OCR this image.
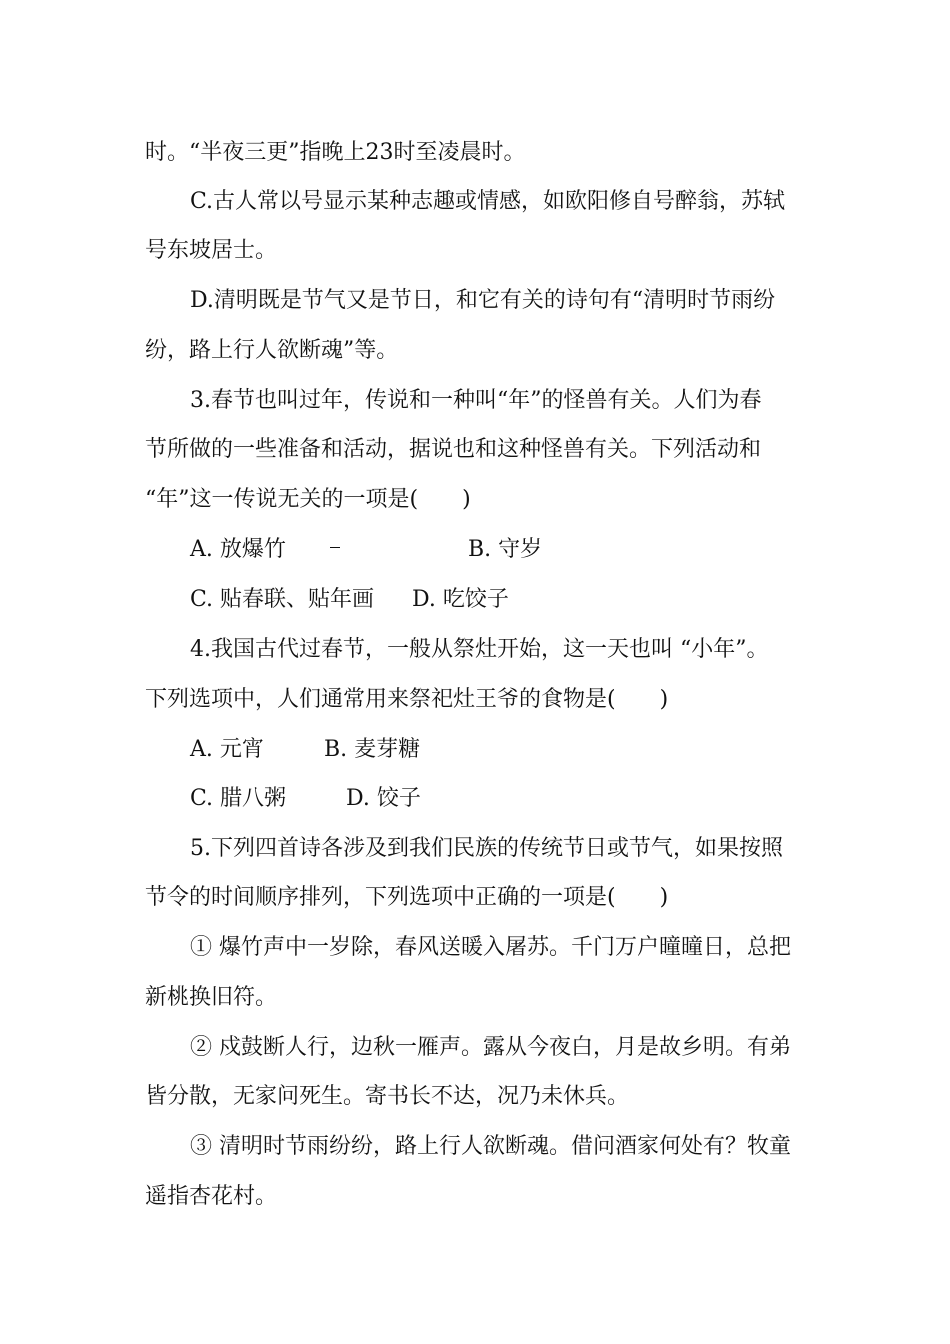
时。“半夜三更”指晚上23时至凌晨时。
C.古人常以号显示某种志趣或情感，如欧阳修自号醉翁，苏轼
号东坡居士。
D.清明既是节气又是节日，和它有关的诗句有“清明时节雨纷
纷，路上行人欲断魂”等。
3.春节也叫过年，传说和一种叫“年”的怪兽有关。人们为春
节所做的一些准备和活动，据说也和这种怪兽有关。下列活动和
“年”这一传说无关的一项是(　　)
A. 放爆竹	B. 守岁
C. 贴春联、贴年画 D. 吃饺子
4.我国古代过春节，一般从祭灶开始，这一天也叫 “小年”。
下列选项中，人们通常用来祭祀灶王爷的食物是(　　)
A. 元宵	B. 麦芽糖
C. 腊八粥	D. 饺子
5.下列四首诗各涉及到我们民族的传统节日或节气，如果按照
节令的时间顺序排列，下列选项中正确的一项是(　　)
① 爆竹声中一岁除，春风送暖入屠苏。千门万户曈曈日，总把
新桃换旧符。
② 戍鼓断人行，边秋一雁声。露从今夜白，月是故乡明。有弟
皆分散，无家问死生。寄书长不达，况乃未休兵。
③ 清明时节雨纷纷，路上行人欲断魂。借问酒家何处有？牧童
遥指杏花村。
